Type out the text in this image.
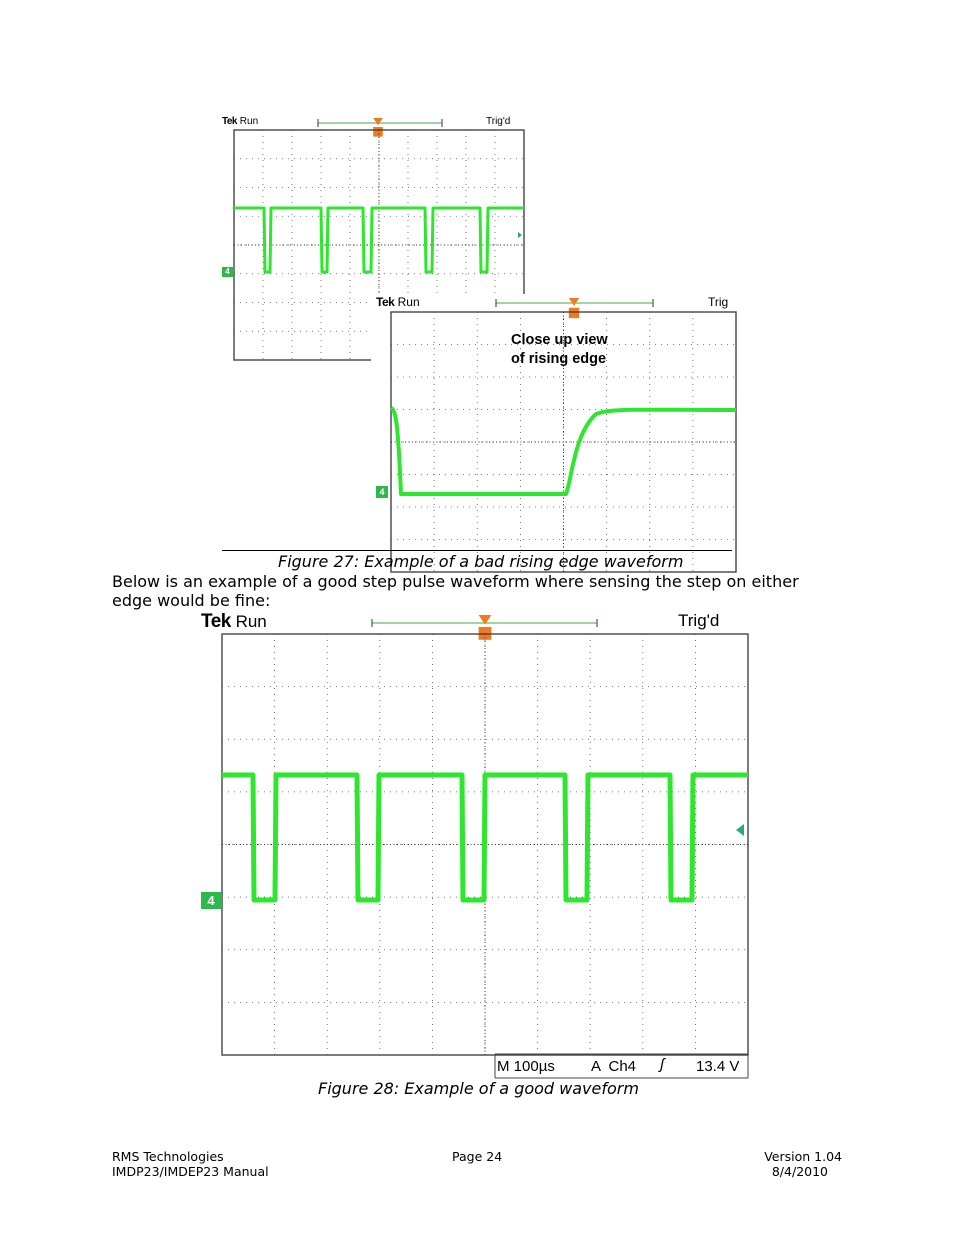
Tek Run	Trig'd
4
Tek Run	Trig
4
Close up view
of rising edge
Figure 27: Example of a bad rising edge waveform
Below is an example of a good step pulse waveform where sensing the step on either edge would be fine:
Tek Run	Trig'd
4
M 100µs A  Ch4 ʃ 13.4 V
Figure 28: Example of a good waveform
RMS Technologies
IMDP23/IMDEP23 Manual
Page 24	Version 1.04
8/4/2010
